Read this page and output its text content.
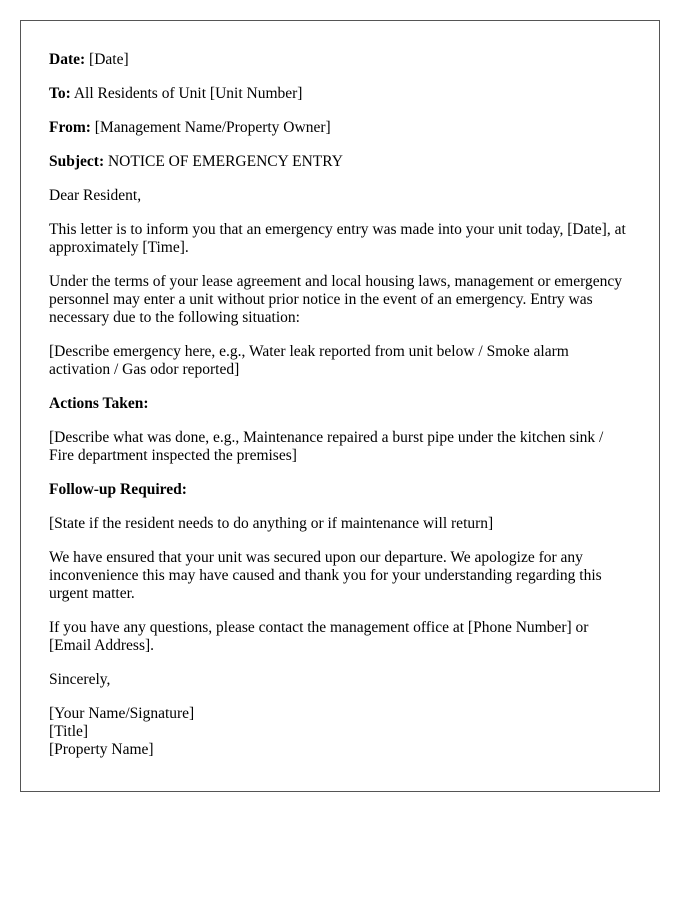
Date: [Date]

To: All Residents of Unit [Unit Number]

From: [Management Name/Property Owner]

Subject: NOTICE OF EMERGENCY ENTRY

Dear Resident,

This letter is to inform you that an emergency entry was made into your unit today, [Date], at approximately [Time].

Under the terms of your lease agreement and local housing laws, management or emergency personnel may enter a unit without prior notice in the event of an emergency. Entry was necessary due to the following situation:

[Describe emergency here, e.g., Water leak reported from unit below / Smoke alarm activation / Gas odor reported]

Actions Taken:

[Describe what was done, e.g., Maintenance repaired a burst pipe under the kitchen sink / Fire department inspected the premises]

Follow-up Required:

[State if the resident needs to do anything or if maintenance will return]

We have ensured that your unit was secured upon our departure. We apologize for any inconvenience this may have caused and thank you for your understanding regarding this urgent matter.

If you have any questions, please contact the management office at [Phone Number] or [Email Address].

Sincerely,

[Your Name/Signature]
[Title]
[Property Name]
